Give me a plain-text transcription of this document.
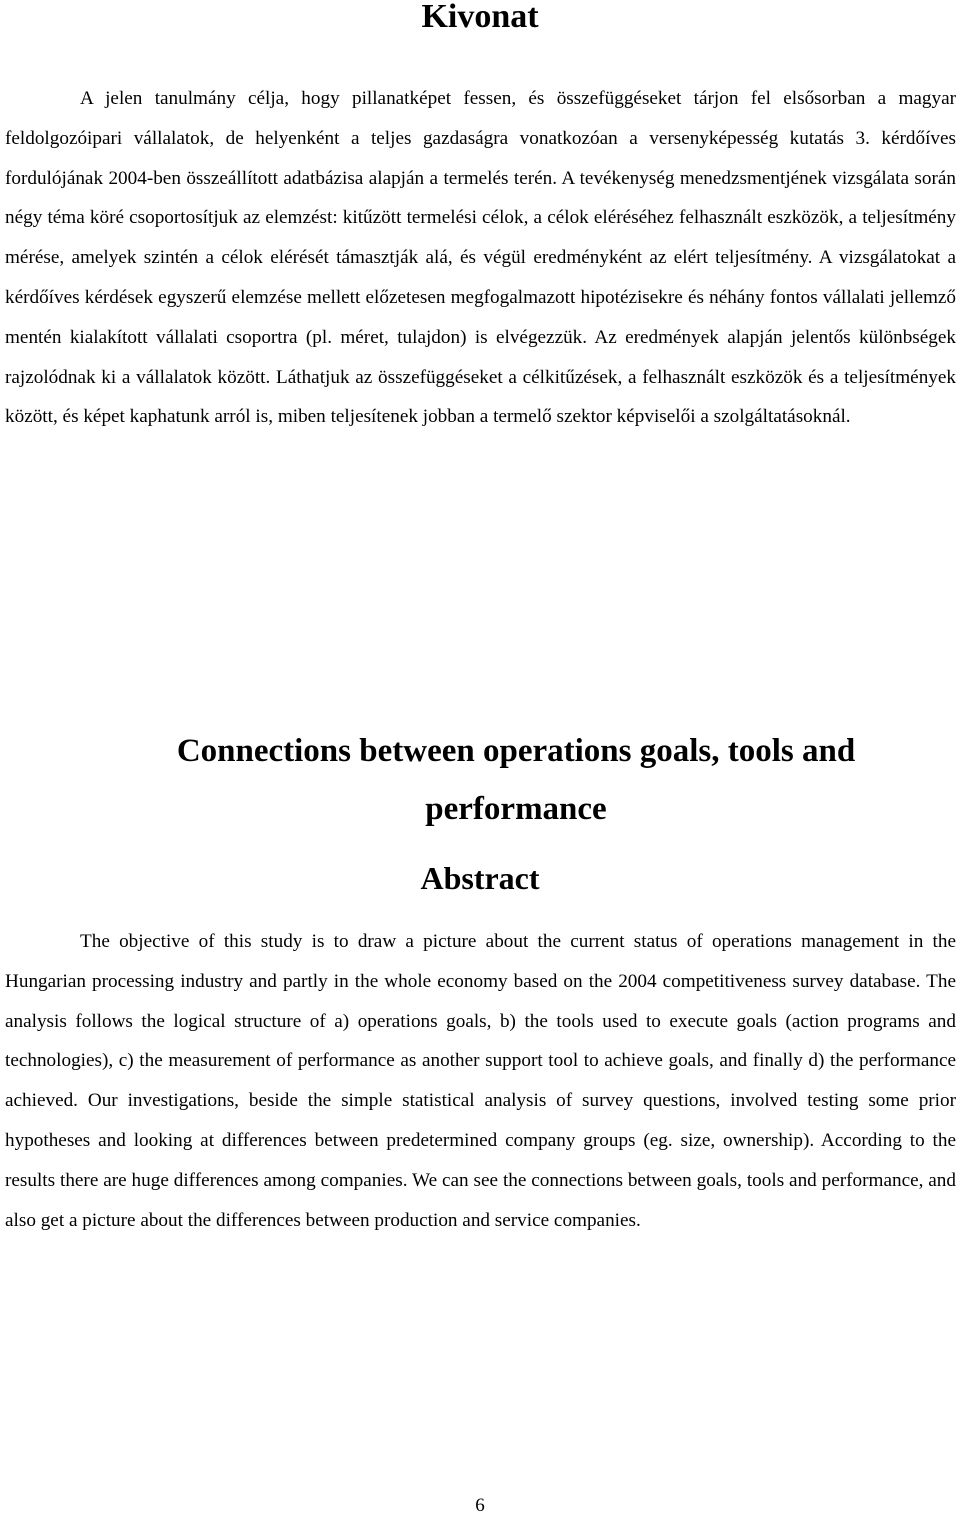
Kivonat

A jelen tanulmány célja, hogy pillanatképet fessen, és összefüggéseket tárjon fel elsősorban a magyar feldolgozóipari vállalatok, de helyenként a teljes gazdaságra vonatkozóan a versenyképesség kutatás 3. kérdőíves fordulójának 2004-ben összeállított adatbázisa alapján a termelés terén. A tevékenység menedzsmentjének vizsgálata során négy téma köré csoportosítjuk az elemzést: kitűzött termelési célok, a célok eléréséhez felhasznált eszközök, a teljesítmény mérése, amelyek szintén a célok elérését támasztják alá, és végül eredményként az elért teljesítmény. A vizsgálatokat a kérdőíves kérdések egyszerű elemzése mellett előzetesen megfogalmazott hipotézisekre és néhány fontos vállalati jellemző mentén kialakított vállalati csoportra (pl. méret, tulajdon) is elvégezzük. Az eredmények alapján jelentős különbségek rajzolódnak ki a vállalatok között. Láthatjuk az összefüggéseket a célkitűzések, a felhasznált eszközök és a teljesítmények között, és képet kaphatunk arról is, miben teljesítenek jobban a termelő szektor képviselői a szolgáltatásoknál.

Connections between operations goals, tools and performance
Abstract

The objective of this study is to draw a picture about the current status of operations management in the Hungarian processing industry and partly in the whole economy based on the 2004 competitiveness survey database. The analysis follows the logical structure of a) operations goals, b) the tools used to execute goals (action programs and technologies), c) the measurement of performance as another support tool to achieve goals, and finally d) the performance achieved. Our investigations, beside the simple statistical analysis of survey questions, involved testing some prior hypotheses and looking at differences between predetermined company groups (eg. size, ownership). According to the results there are huge differences among companies. We can see the connections between goals, tools and performance, and also get a picture about the differences between production and service companies.

6
